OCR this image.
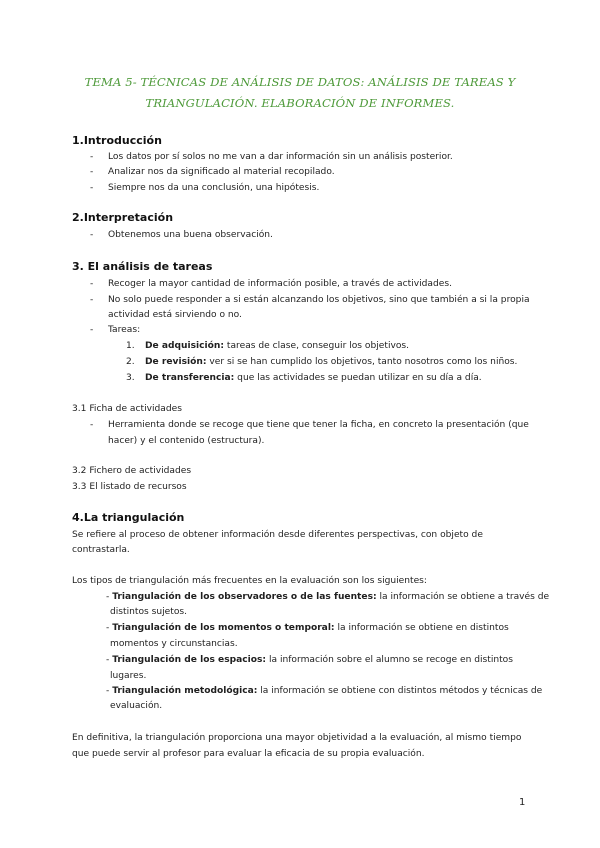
TEMA 5- TÉCNICAS DE ANÁLISIS DE DATOS: ANÁLISIS DE TAREAS Y
TRIANGULACIÓN. ELABORACIÓN DE INFORMES.
1.Introducción
- Los datos por sí solos no me van a dar información sin un análisis posterior.
- Analizar nos da significado al material recopilado.
- Siempre nos da una conclusión, una hipótesis.
2.Interpretación
- Obtenemos una buena observación.
3. El análisis de tareas
- Recoger la mayor cantidad de información posible, a través de actividades.
- No solo puede responder a si están alcanzando los objetivos, sino que también a si la propia
actividad está sirviendo o no.
- Tareas:
1. De adquisición: tareas de clase, conseguir los objetivos.
2. De revisión: ver si se han cumplido los objetivos, tanto nosotros como los niños.
3. De transferencia: que las actividades se puedan utilizar en su día a día.
3.1 Ficha de actividades
- Herramienta donde se recoge que tiene que tener la ficha, en concreto la presentación (que
hacer) y el contenido (estructura).
3.2 Fichero de actividades
3.3 El listado de recursos
4.La triangulación
Se refiere al proceso de obtener información desde diferentes perspectivas, con objeto de
contrastarla.
Los tipos de triangulación más frecuentes en la evaluación son los siguientes:
- Triangulación de los observadores o de las fuentes: la información se obtiene a través de
distintos sujetos.
- Triangulación de los momentos o temporal: la información se obtiene en distintos
momentos y circunstancias.
- Triangulación de los espacios: la información sobre el alumno se recoge en distintos
lugares.
- Triangulación metodológica: la información se obtiene con distintos métodos y técnicas de
evaluación.
En definitiva, la triangulación proporciona una mayor objetividad a la evaluación, al mismo tiempo
que puede servir al profesor para evaluar la eficacia de su propia evaluación.
1
